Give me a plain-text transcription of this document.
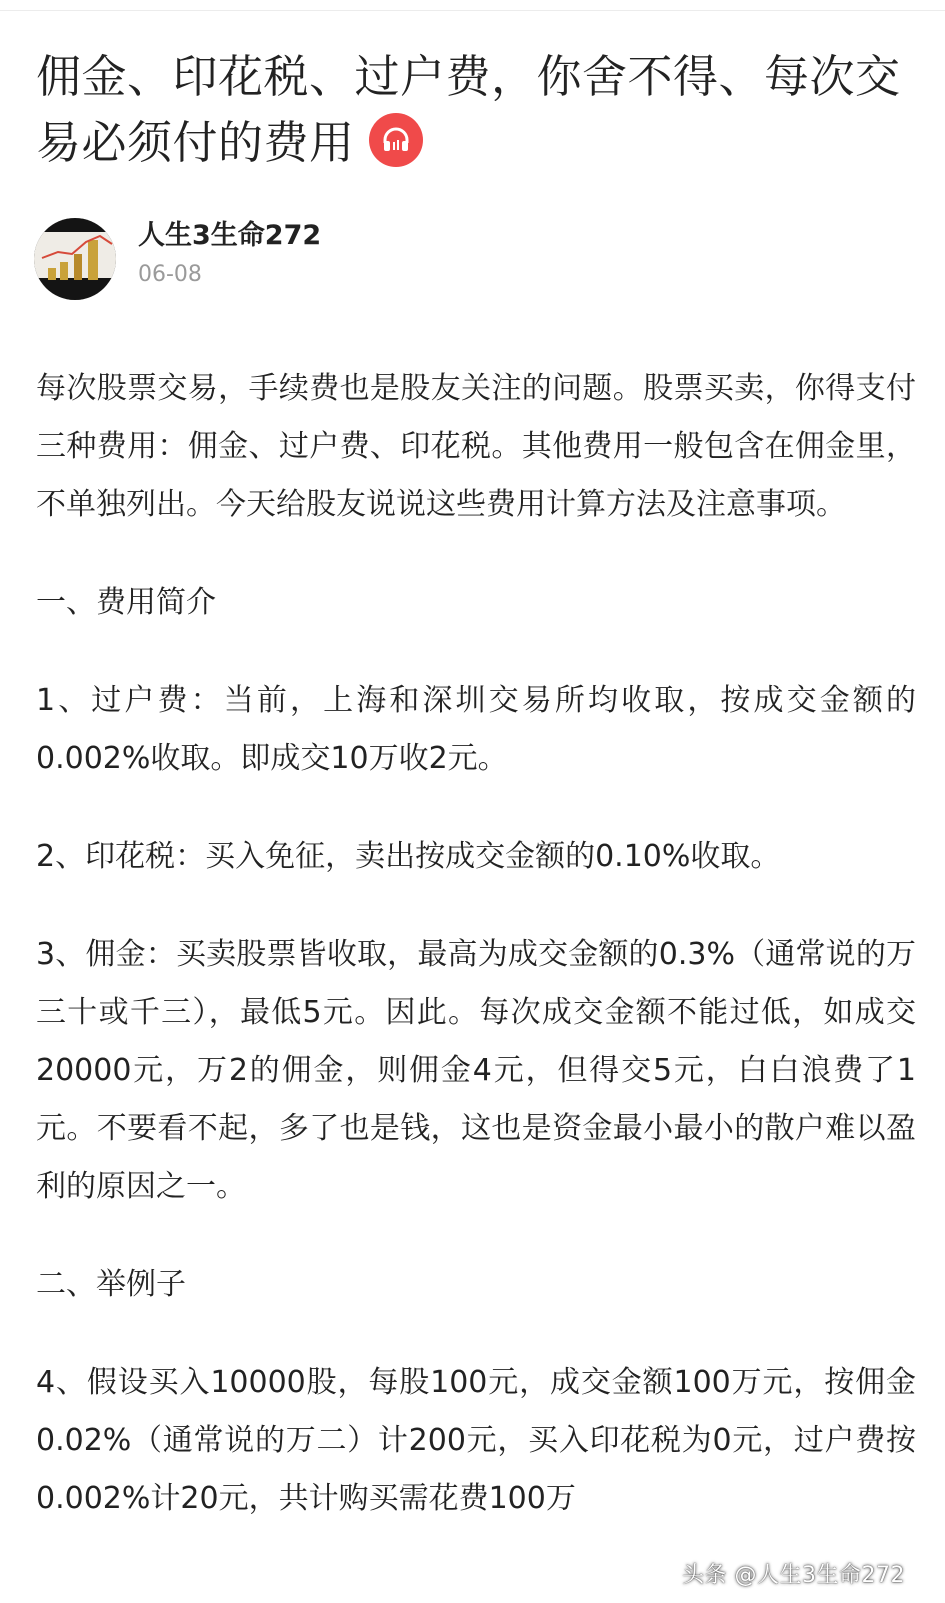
佣金、印花税、过户费，你舍不得、每次交易必须付的费用
人生3生命272
06-08

每次股票交易，手续费也是股友关注的问题。股票买卖，你得支付三种费用：佣金、过户费、印花税。其他费用一般包含在佣金里，不单独列出。今天给股友说说这些费用计算方法及注意事项。

一、费用简介

1、过户费：当前，上海和深圳交易所均收取，按成交金额的0.002%收取。即成交10万收2元。

2、印花税：买入免征，卖出按成交金额的0.10%收取。

3、佣金：买卖股票皆收取，最高为成交金额的0.3%（通常说的万三十或千三），最低5元。因此。每次成交金额不能过低，如成交20000元，万2的佣金，则佣金4元，但得交5元，白白浪费了1元。不要看不起，多了也是钱，这也是资金最小最小的散户难以盈利的原因之一。

二、举例子

4、假设买入10000股，每股100元，成交金额100万元，按佣金0.02%（通常说的万二）计200元，买入印花税为0元，过户费按0.002%计20元，共计购买需花费100万

头条 @人生3生命272
